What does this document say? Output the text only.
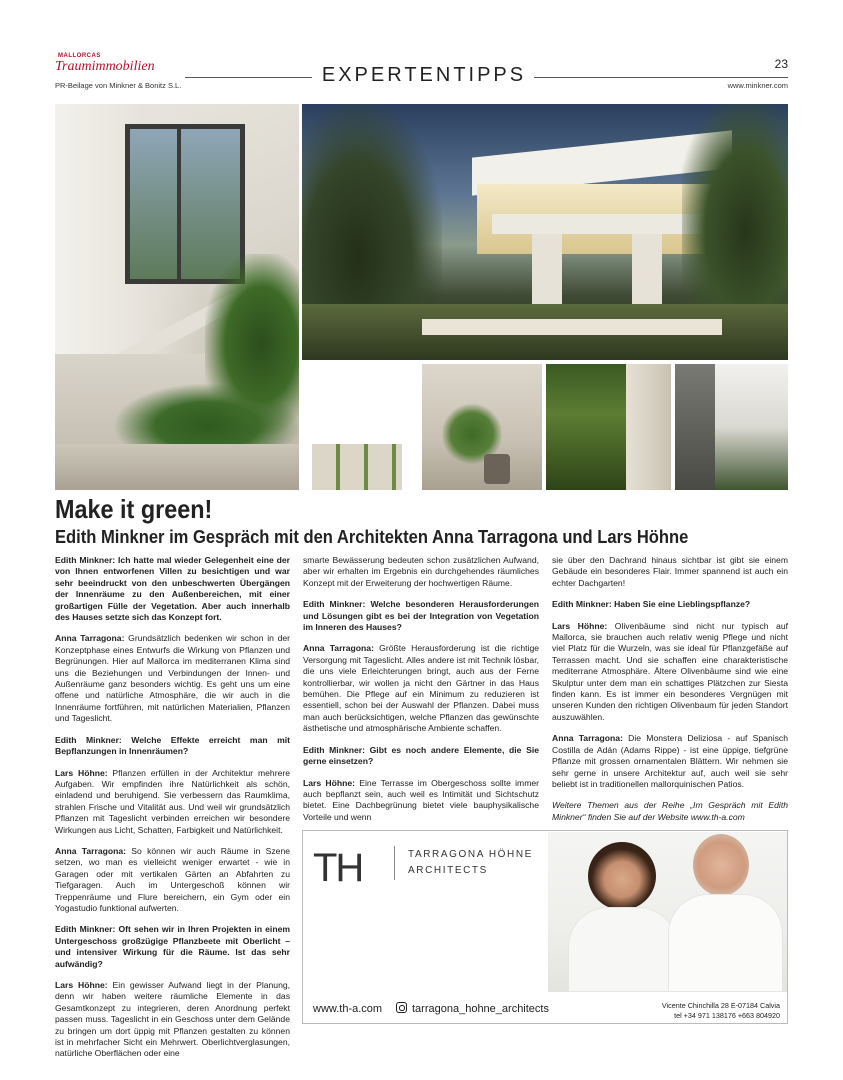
MALLORCAS
Traumimmobilien
PR-Beilage von Minkner & Bonitz S.L.	EXPERTENTIPPS	23
www.minkner.com
Make it green!
Edith Minkner im Gespräch mit den Architekten Anna Tarragona und Lars Höhne

Edith Minkner: Ich hatte mal wieder Gelegenheit eine der von Ihnen entworfenen Villen zu besichtigen und war sehr beeindruckt von den unbeschwerten Übergängen der Innenräume zu den Außenbereichen, mit einer großartigen Fülle der Vegetation. Aber auch innerhalb des Hauses setzte sich das Konzept fort.

Anna Tarragona: Grundsätzlich bedenken wir schon in der Konzeptphase eines Entwurfs die Wirkung von Pflanzen und Begrünungen. Hier auf Mallorca im mediterranen Klima sind uns die Beziehungen und Verbindungen der Innen- und Außenräume ganz besonders wichtig. Es geht uns um eine offene und natürliche Atmosphäre, die wir auch in die Innenräume fortführen, mit natürlichen Materialien, Pflanzen und Tageslicht.

Edith Minkner: Welche Effekte erreicht man mit Bepflanzungen in Innenräumen?

Lars Höhne: Pflanzen erfüllen in der Architektur mehrere Aufgaben. Wir empfinden ihre Natürlichkeit als schön, einladend und beruhigend. Sie verbessern das Raumklima, strahlen Frische und Vitalität aus. Und weil wir grundsätzlich Pflanzen mit Tageslicht verbinden erreichen wir besondere Wirkungen aus Licht, Schatten, Farbigkeit und Natürlichkeit.

Anna Tarragona: So können wir auch Räume in Szene setzen, wo man es vielleicht weniger erwartet - wie in Garagen oder mit vertikalen Gärten an Abfahrten zu Tiefgaragen. Auch im Untergeschoß können wir Treppenräume und Flure bereichern, ein Gym oder ein Yogastudio funktional aufwerten.

Edith Minkner: Oft sehen wir in Ihren Projekten in einem Untergeschoss großzügige Pflanzbeete mit Oberlicht – und intensiver Wirkung für die Räume. Ist das sehr aufwändig?

Lars Höhne: Ein gewisser Aufwand liegt in der Planung, denn wir haben weitere räumliche Elemente in das Gesamtkonzept zu integrieren, deren Anordnung perfekt passen muss. Tageslicht in ein Geschoss unter dem Gelände zu bringen um dort üppig mit Pflanzen gestalten zu können ist in mehrfacher Sicht ein Mehrwert. Oberlichtverglasungen, natürliche Oberflächen oder eine

smarte Bewässerung bedeuten schon zusätzlichen Aufwand, aber wir erhalten im Ergebnis ein durchgehendes räumliches Konzept mit der Erweiterung der hochwertigen Räume.

Edith Minkner: Welche besonderen Herausforderungen und Lösungen gibt es bei der Integration von Vegetation im Inneren des Hauses?

Anna Tarragona: Größte Herausforderung ist die richtige Versorgung mit Tageslicht. Alles andere ist mit Technik lösbar, die uns viele Erleichterungen bringt, auch aus der Ferne kontrollierbar, wir wollen ja nicht den Gärtner in das Haus bemühen. Die Pflege auf ein Minimum zu reduzieren ist essentiell, schon bei der Auswahl der Pflanzen. Dabei muss man auch berücksichtigen, welche Pflanzen das gewünschte ästhetische und atmosphärische Ambiente schaffen.

Edith Minkner: Gibt es noch andere Elemente, die Sie gerne einsetzen?

Lars Höhne: Eine Terrasse im Obergeschoss sollte immer auch bepflanzt sein, auch weil es Intimität und Sichtschutz bietet. Eine Dachbegrünung bietet viele bauphysikalische Vorteile und wenn

sie über den Dachrand hinaus sichtbar ist gibt sie einem Gebäude ein besonderes Flair. Immer spannend ist auch ein echter Dachgarten!

Edith Minkner: Haben Sie eine Lieblingspflanze?

Lars Höhne: Olivenbäume sind nicht nur typisch auf Mallorca, sie brauchen auch relativ wenig Pflege und nicht viel Platz für die Wurzeln, was sie ideal für Pflanzgefäße auf Terrassen macht. Und sie schaffen eine charakteristische mediterrane Atmosphäre. Ältere Olivenbäume sind wie eine Skulptur unter dem man ein schattiges Plätzchen zur Siesta finden kann. Es ist immer ein besonderes Vergnügen mit unseren Kunden den richtigen Olivenbaum für jeden Standort auszuwählen.

Anna Tarragona: Die Monstera Deliziosa - auf Spanisch Costilla de Adán (Adams Rippe) - ist eine üppige, tiefgrüne Pflanze mit grossen ornamentalen Blättern. Wir nehmen sie sehr gerne in unsere Architektur auf, auch weil sie sehr beliebt ist in traditionellen mallorquinischen Patios.

Weitere Themen aus der Reihe „Im Gespräch mit Edith Minkner“ finden Sie auf der Website www.th-a.com

TH	TARRAGONA HÖHNE
ARCHITECTS
www.th-a.com	tarragona_hohne_architects	Vicente Chinchilla 28 E-07184 Calvia
tel +34 971 138176 +663 804920
